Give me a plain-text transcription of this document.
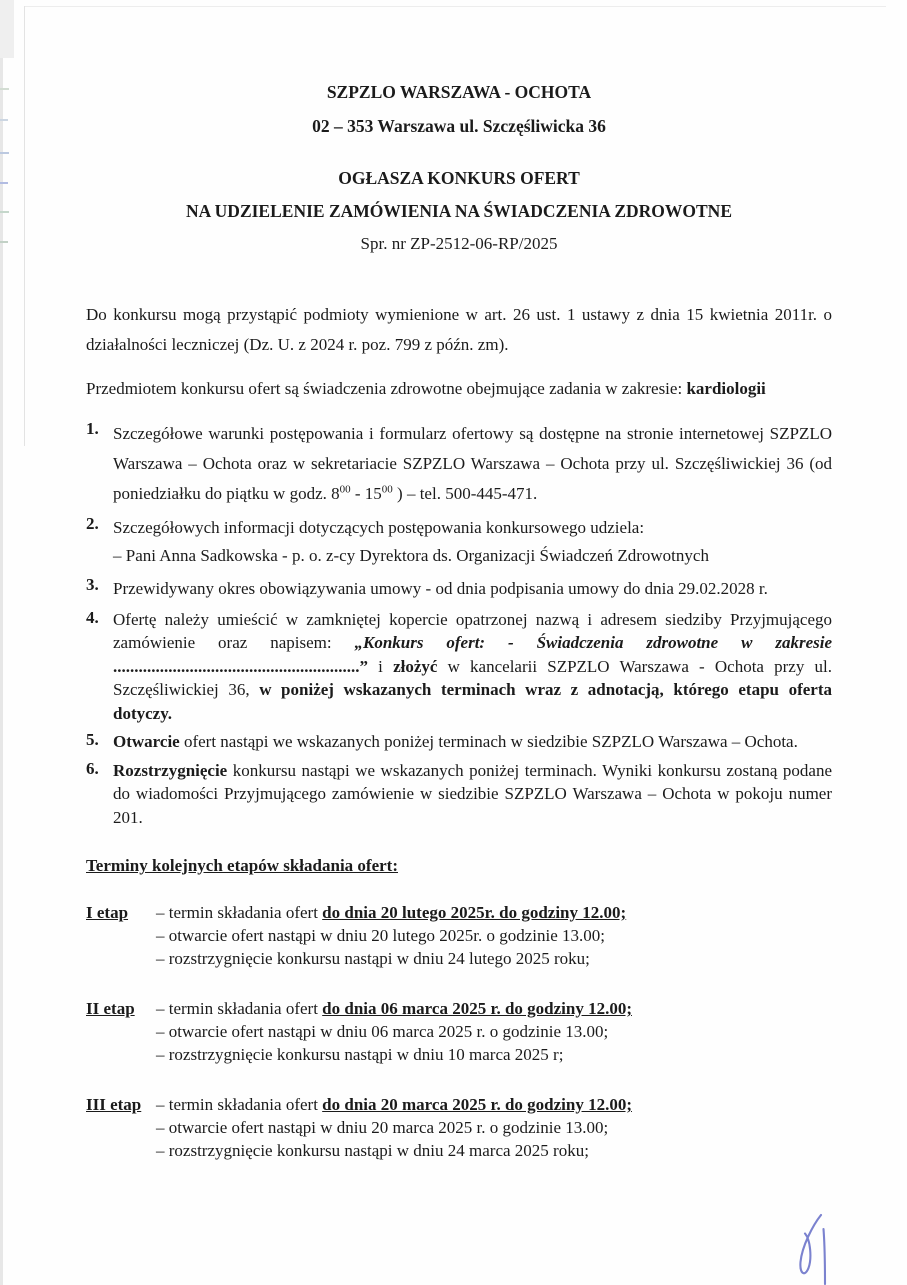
SZPZLO WARSZAWA - OCHOTA
02 – 353 Warszawa ul. Szczęśliwicka 36
OGŁASZA KONKURS OFERT
NA UDZIELENIE ZAMÓWIENIA NA ŚWIADCZENIA ZDROWOTNE
Spr. nr ZP-2512-06-RP/2025

Do konkursu mogą przystąpić podmioty wymienione w art. 26 ust. 1 ustawy z dnia 15 kwietnia 2011r. o działalności leczniczej (Dz. U. z 2024 r. poz. 799 z późn. zm).

Przedmiotem konkursu ofert są świadczenia zdrowotne obejmujące zadania w zakresie: kardiologii

1. Szczegółowe warunki postępowania i formularz ofertowy są dostępne na stronie internetowej SZPZLO Warszawa – Ochota oraz w sekretariacie SZPZLO Warszawa – Ochota przy ul. Szczęśliwickiej 36 (od poniedziałku do piątku w godz. $8^{00} - 15^{00}$ ) – tel. 500-445-471.
2. Szczegółowych informacji dotyczących postępowania konkursowego udziela:
– Pani Anna Sadkowska - p. o. z-cy Dyrektora ds. Organizacji Świadczeń Zdrowotnych
3. Przewidywany okres obowiązywania umowy - od dnia podpisania umowy do dnia 29.02.2028 r.
4. Ofertę należy umieścić w zamkniętej kopercie opatrzonej nazwą i adresem siedziby Przyjmującego zamówienie oraz napisem: „Konkurs ofert: - Świadczenia zdrowotne w zakresie ..........................................................” i złożyć w kancelarii SZPZLO Warszawa - Ochota przy ul. Szczęśliwickiej 36, w poniżej wskazanych terminach wraz z adnotacją, którego etapu oferta dotyczy.
5. Otwarcie ofert nastąpi we wskazanych poniżej terminach w siedzibie SZPZLO Warszawa – Ochota.
6. Rozstrzygnięcie konkursu nastąpi we wskazanych poniżej terminach. Wyniki konkursu zostaną podane do wiadomości Przyjmującego zamówienie w siedzibie SZPZLO Warszawa – Ochota w pokoju numer 201.
Terminy kolejnych etapów składania ofert:
I etap	– termin składania ofert do dnia 20 lutego 2025r. do godziny 12.00;
– otwarcie ofert nastąpi w dniu 20 lutego 2025r. o godzinie 13.00;
– rozstrzygnięcie konkursu nastąpi w dniu 24 lutego 2025 roku;
II etap	– termin składania ofert do dnia 06 marca 2025 r. do godziny 12.00;
– otwarcie ofert nastąpi w dniu 06 marca 2025 r. o godzinie 13.00;
– rozstrzygnięcie konkursu nastąpi w dniu 10 marca 2025 r;
III etap – termin składania ofert do dnia 20 marca 2025 r. do godziny 12.00;
– otwarcie ofert nastąpi w dniu 20 marca 2025 r. o godzinie 13.00;
– rozstrzygnięcie konkursu nastąpi w dniu 24 marca 2025 roku;
